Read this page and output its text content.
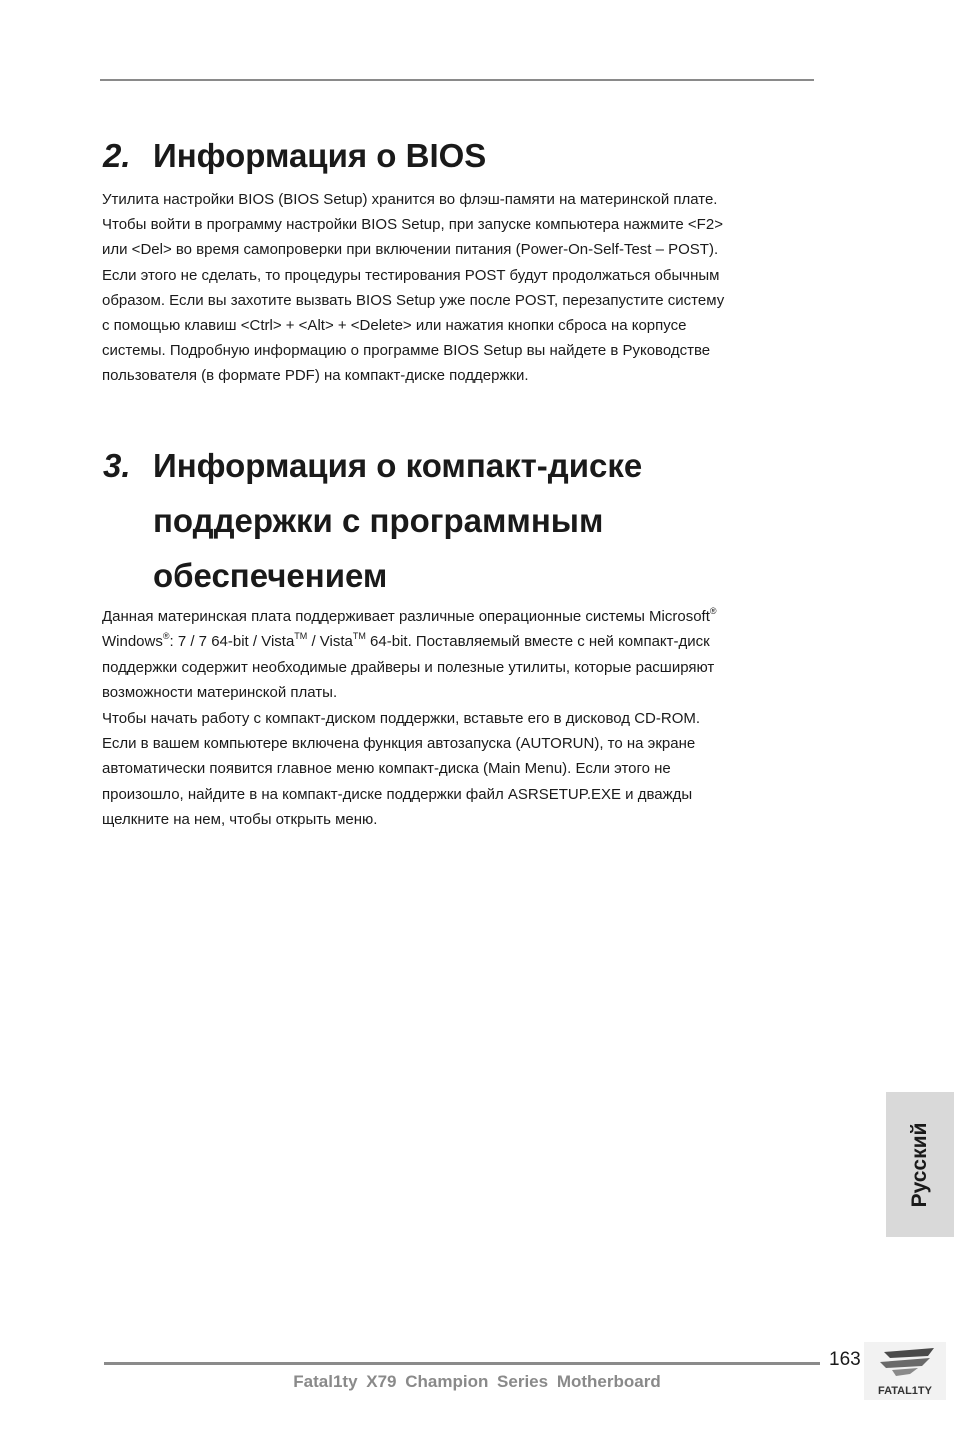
2. Информация о BIOS

Утилита настройки BIOS (BIOS Setup) хранится во флэш-памяти на материнской плате.
Чтобы войти в программу настройки BIOS Setup, при запуске компьютера нажмите <F2>
или <Del> во время самопроверки при включении питания (Power-On-Self-Test – POST).
Если этого не сделать, то процедуры тестирования POST будут продолжаться обычным
образом. Если вы захотите вызвать BIOS Setup уже после POST, перезапустите систему
с помощью клавиш <Ctrl> + <Alt> + <Delete> или нажатия кнопки сброса на корпусе
системы. Подробную информацию о программе BIOS Setup вы найдете в Руководстве
пользователя (в формате PDF) на компакт-диске поддержки.

3. Информация о компакт-диске
поддержки с программным
обеспечением

Данная материнская плата поддерживает различные операционные системы Microsoft®
Windows®: 7 / 7 64-bit / Vista™ / Vista™ 64-bit. Поставляемый вместе с ней компакт-диск
поддержки содержит необходимые драйверы и полезные утилиты, которые расширяют
возможности материнской платы.
Чтобы начать работу с компакт-диском поддержки, вставьте его в дисковод CD-ROM.
Если в вашем компьютере включена функция автозапуска (AUTORUN), то на экране
автоматически появится главное меню компакт-диска (Main Menu). Если этого не
произошло, найдите в на компакт-диске поддержки файл ASRSETUP.EXE и дважды
щелкните на нем, чтобы открыть меню.

Русский
163
Fatal1ty X79 Champion Series Motherboard	FATAL1TY
